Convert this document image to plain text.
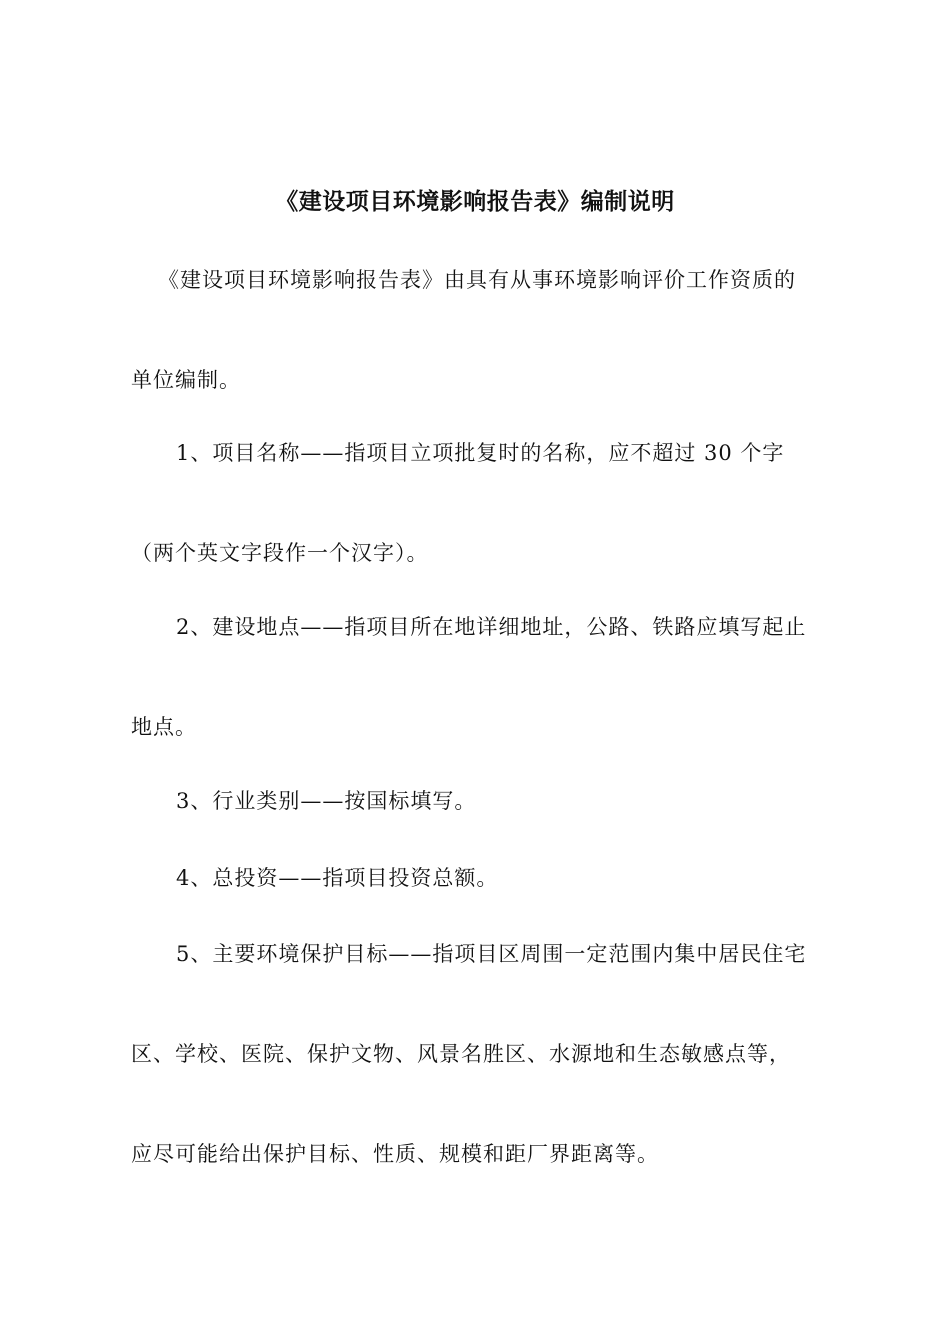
《建设项目环境影响报告表》编制说明
《建设项目环境影响报告表》由具有从事环境影响评价工作资质的
单位编制。
1、项目名称——指项目立项批复时的名称，应不超过 30 个字
（两个英文字段作一个汉字）。
2、建设地点——指项目所在地详细地址，公路、铁路应填写起止
地点。
3、行业类别——按国标填写。
4、总投资——指项目投资总额。
5、主要环境保护目标——指项目区周围一定范围内集中居民住宅
区、学校、医院、保护文物、风景名胜区、水源地和生态敏感点等，
应尽可能给出保护目标、性质、规模和距厂界距离等。
